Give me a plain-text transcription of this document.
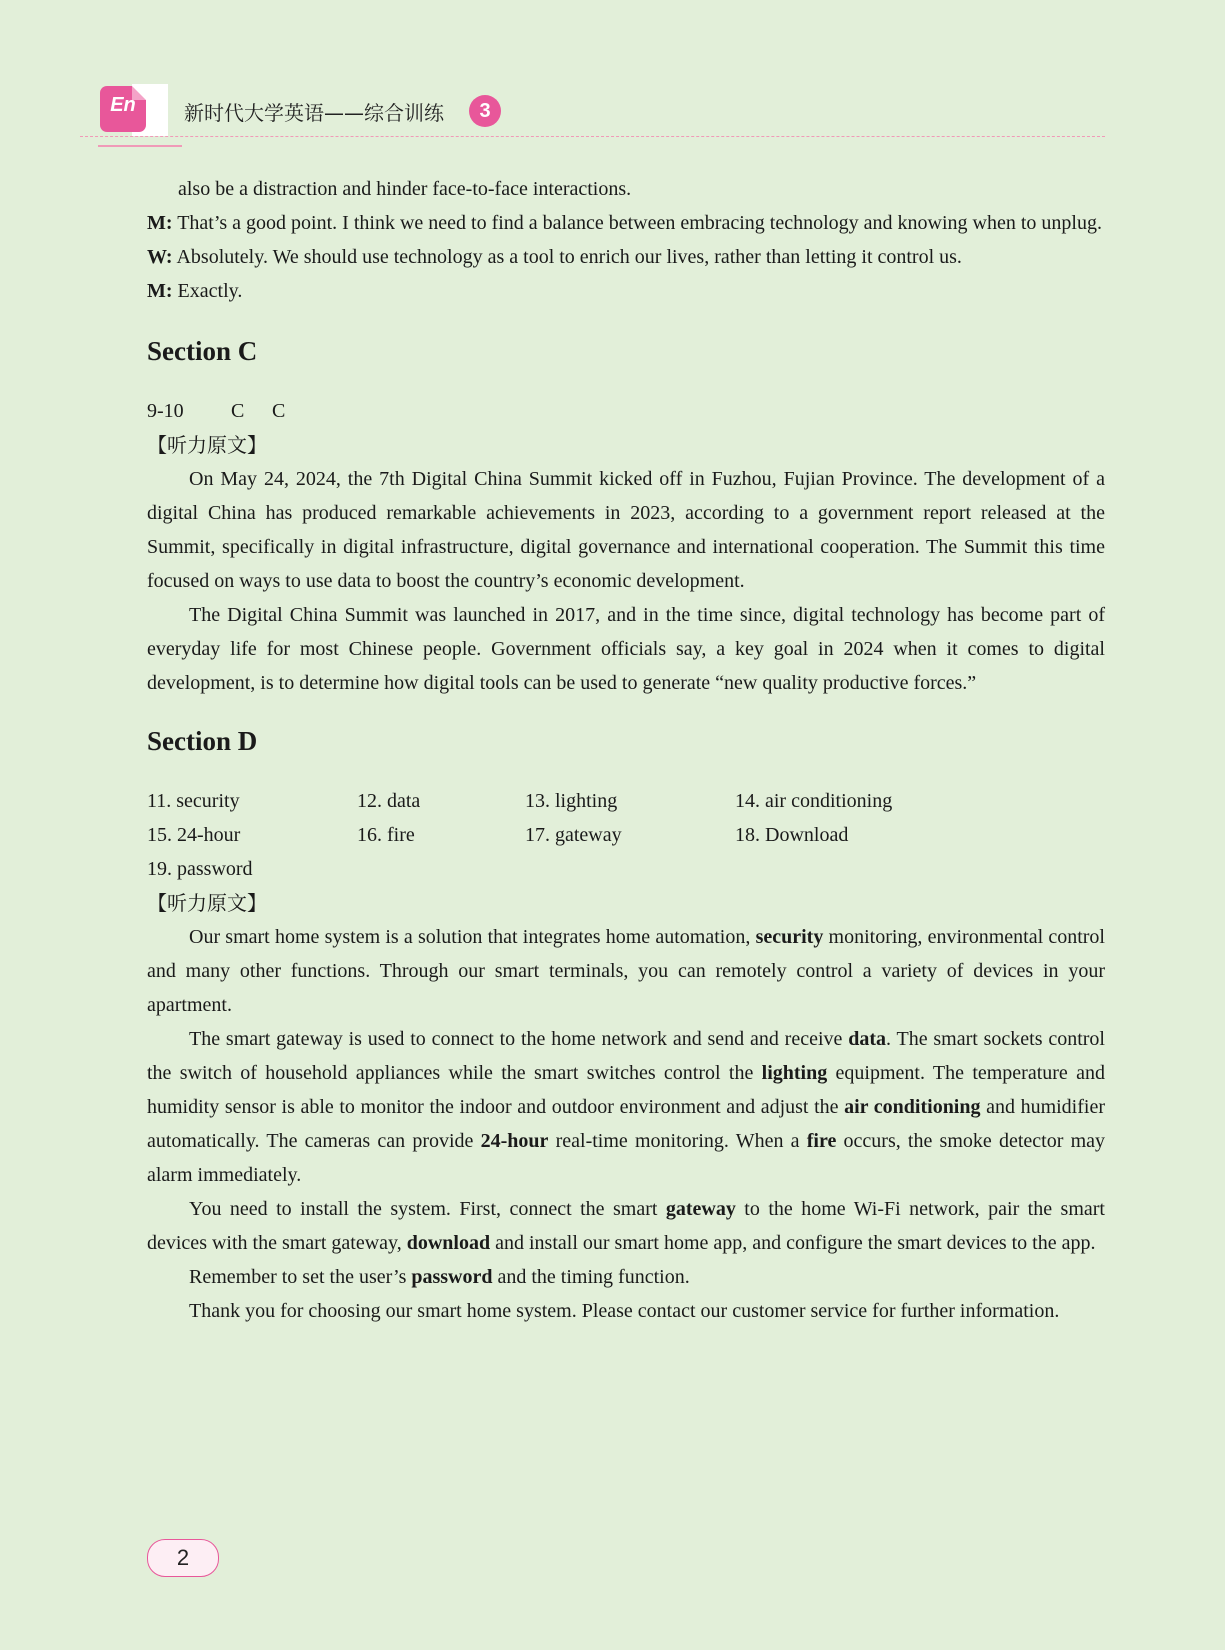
En	新时代大学英语——综合训练	3

also be a distraction and hinder face-to-face interactions.

M: That’s a good point. I think we need to find a balance between embracing technology and knowing when to unplug.

W: Absolutely. We should use technology as a tool to enrich our lives, rather than letting it control us.

M: Exactly.

Section C

9-10 C C

【听力原文】

On May 24, 2024, the 7th Digital China Summit kicked off in Fuzhou, Fujian Province. The development of a digital China has produced remarkable achievements in 2023, according to a government report released at the Summit, specifically in digital infrastructure, digital governance and international cooperation. The Summit this time focused on ways to use data to boost the country’s economic development.

The Digital China Summit was launched in 2017, and in the time since, digital technology has become part of everyday life for most Chinese people. Government officials say, a key goal in 2024 when it comes to digital development, is to determine how digital tools can be used to generate “new quality productive forces.”

Section D
11. security	12. data	13. lighting	14. air conditioning
15. 24-hour	16. fire	17. gateway	18. Download
19. password

【听力原文】

Our smart home system is a solution that integrates home automation, security monitoring, environmental control and many other functions. Through our smart terminals, you can remotely control a variety of devices in your apartment.

The smart gateway is used to connect to the home network and send and receive data. The smart sockets control the switch of household appliances while the smart switches control the lighting equipment. The temperature and humidity sensor is able to monitor the indoor and outdoor environment and adjust the air conditioning and humidifier automatically. The cameras can provide 24-hour real-time monitoring. When a fire occurs, the smoke detector may alarm immediately.

You need to install the system. First, connect the smart gateway to the home Wi-Fi network, pair the smart devices with the smart gateway, download and install our smart home app, and configure the smart devices to the app.

Remember to set the user’s password and the timing function.

Thank you for choosing our smart home system. Please contact our customer service for further information.

2
